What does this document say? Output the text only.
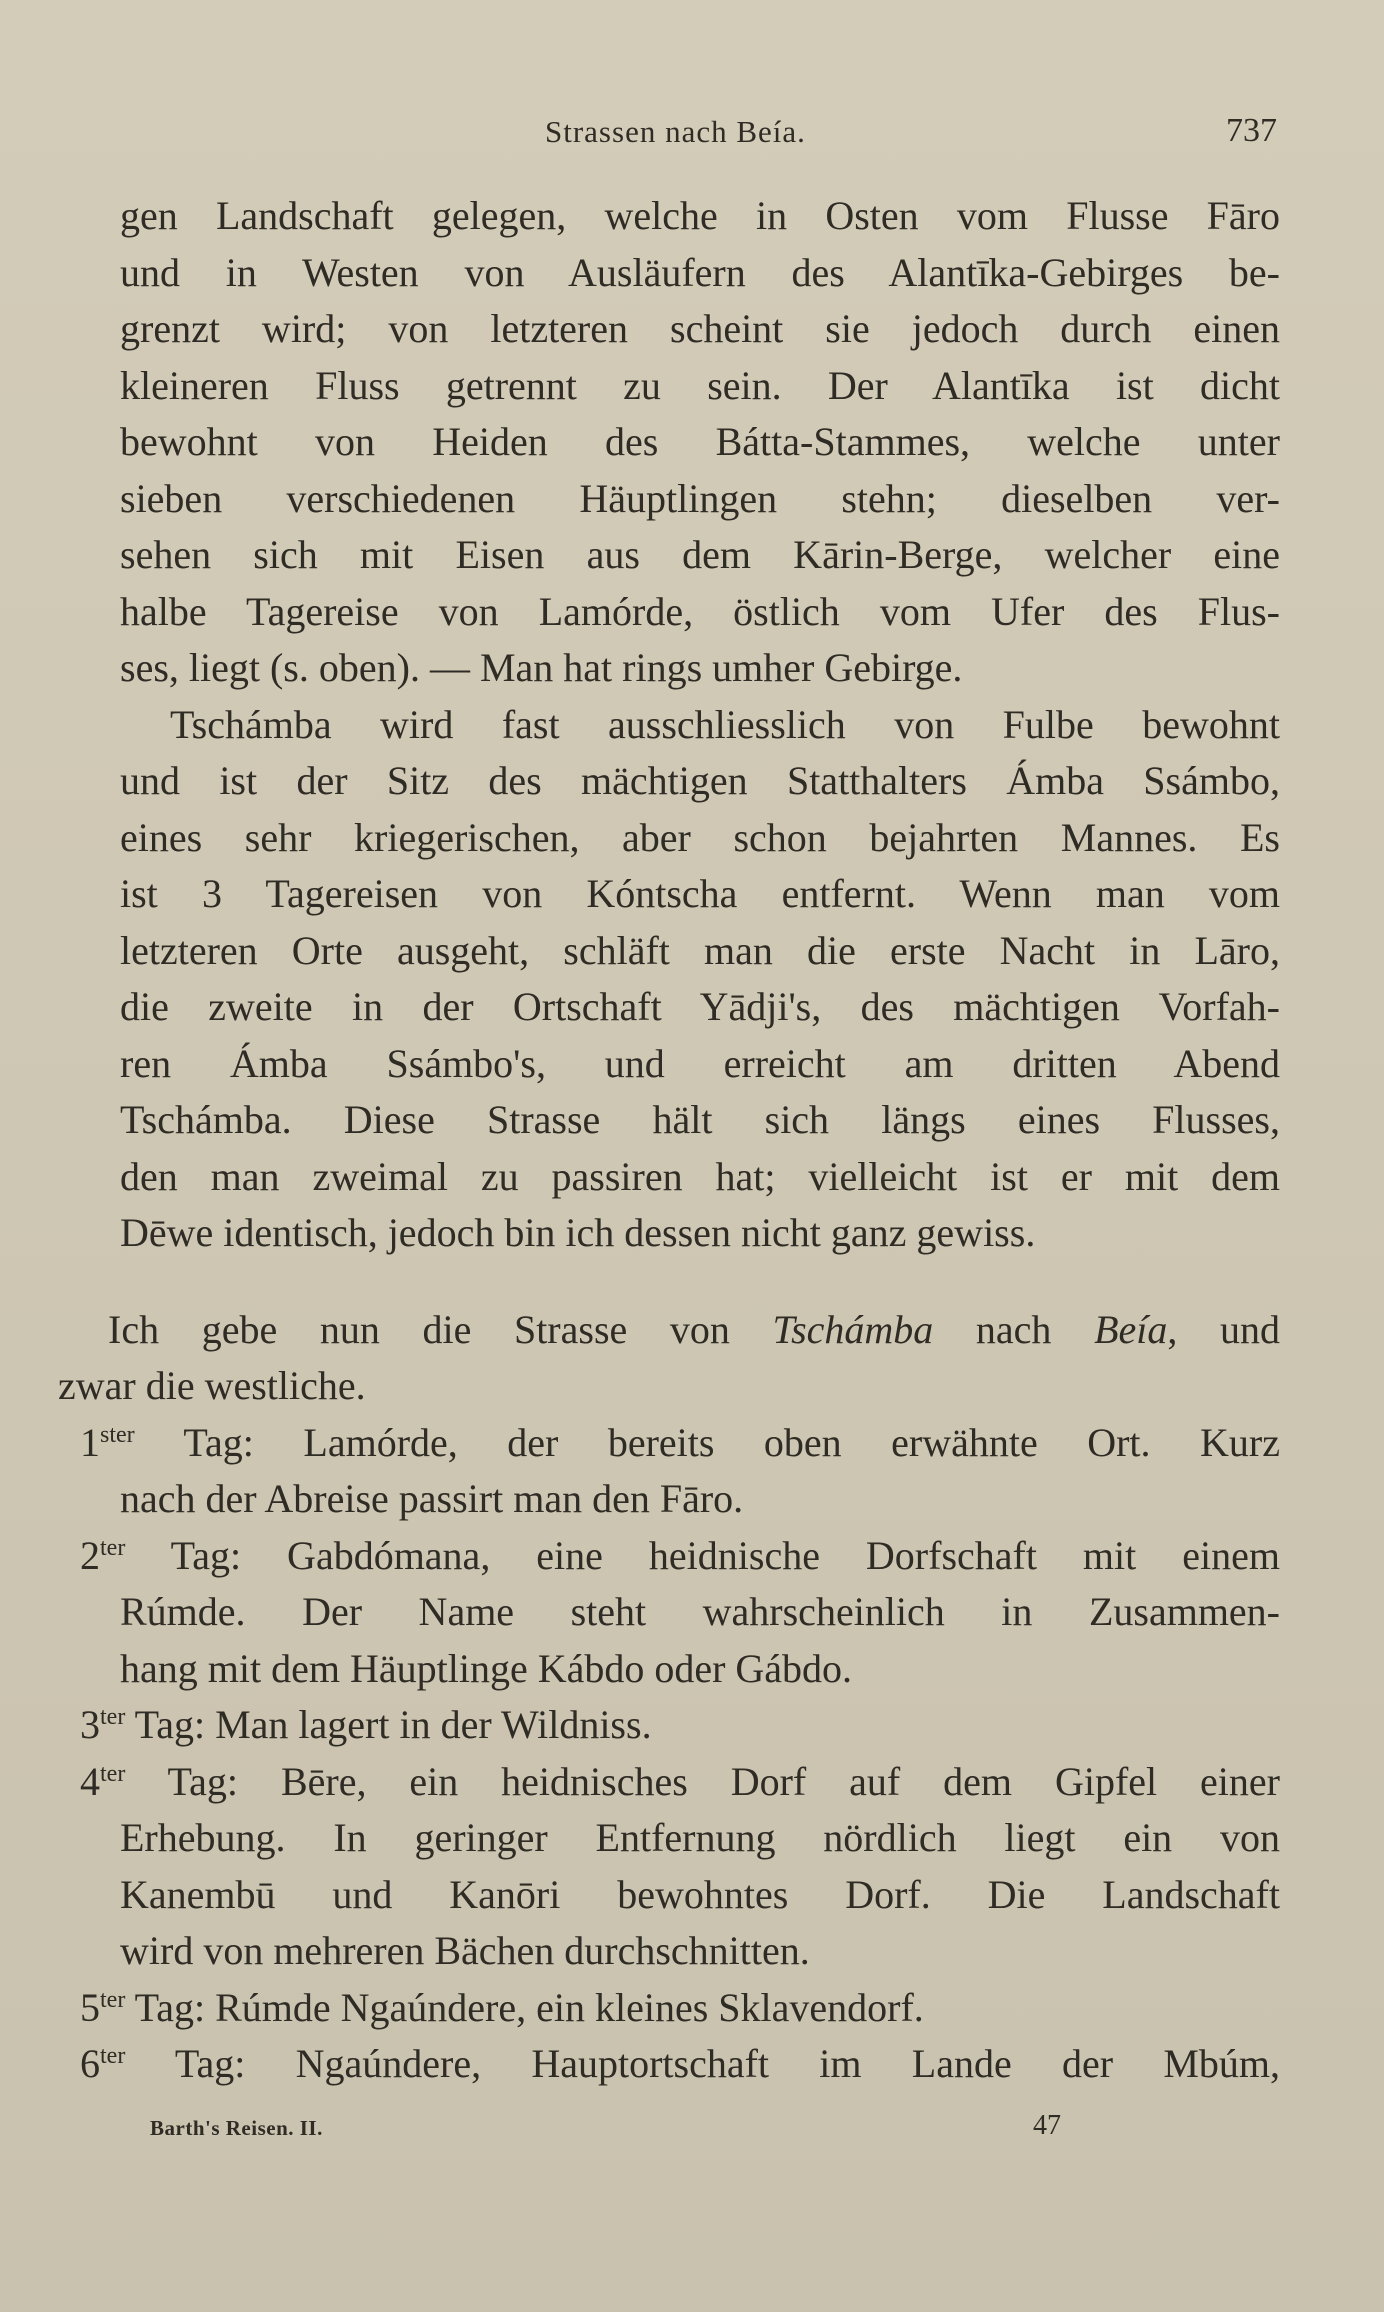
Strassen nach Beía.	737
gen Landschaft gelegen, welche in Osten vom Flusse Fāro
und in Westen von Ausläufern des Alantīka-Gebirges be-
grenzt wird; von letzteren scheint sie jedoch durch einen
kleineren Fluss getrennt zu sein. Der Alantīka ist dicht
bewohnt von Heiden des Bátta-Stammes, welche unter
sieben verschiedenen Häuptlingen stehn; dieselben ver-
sehen sich mit Eisen aus dem Kārin-Berge, welcher eine
halbe Tagereise von Lamórde, östlich vom Ufer des Flus-
ses, liegt (s. oben). — Man hat rings umher Gebirge.
Tschámba wird fast ausschliesslich von Fulbe bewohnt
und ist der Sitz des mächtigen Statthalters Ámba Ssámbo,
eines sehr kriegerischen, aber schon bejahrten Mannes. Es
ist 3 Tagereisen von Kóntscha entfernt. Wenn man vom
letzteren Orte ausgeht, schläft man die erste Nacht in Lāro,
die zweite in der Ortschaft Yādji's, des mächtigen Vorfah-
ren Ámba Ssámbo's, und erreicht am dritten Abend
Tschámba. Diese Strasse hält sich längs eines Flusses,
den man zweimal zu passiren hat; vielleicht ist er mit dem
Dēwe identisch, jedoch bin ich dessen nicht ganz gewiss.
Ich gebe nun die Strasse von Tschámba nach Beía, und
zwar die westliche.
$1^{ster}$ Tag: Lamórde, der bereits oben erwähnte Ort. Kurz
nach der Abreise passirt man den Fāro.
$2^{ter}$ Tag: Gabdómana, eine heidnische Dorfschaft mit einem
Rúmde. Der Name steht wahrscheinlich in Zusammen-
hang mit dem Häuptlinge Kábdo oder Gábdo.
$3^{ter}$ Tag: Man lagert in der Wildniss.
$4^{ter}$ Tag: Bēre, ein heidnisches Dorf auf dem Gipfel einer
Erhebung. In geringer Entfernung nördlich liegt ein von
Kanembū und Kanōri bewohntes Dorf. Die Landschaft
wird von mehreren Bächen durchschnitten.
$5^{ter}$ Tag: Rúmde Ngaúndere, ein kleines Sklavendorf.
$6^{ter}$ Tag: Ngaúndere, Hauptortschaft im Lande der Mbúm,
Barth's Reisen. II.	47
